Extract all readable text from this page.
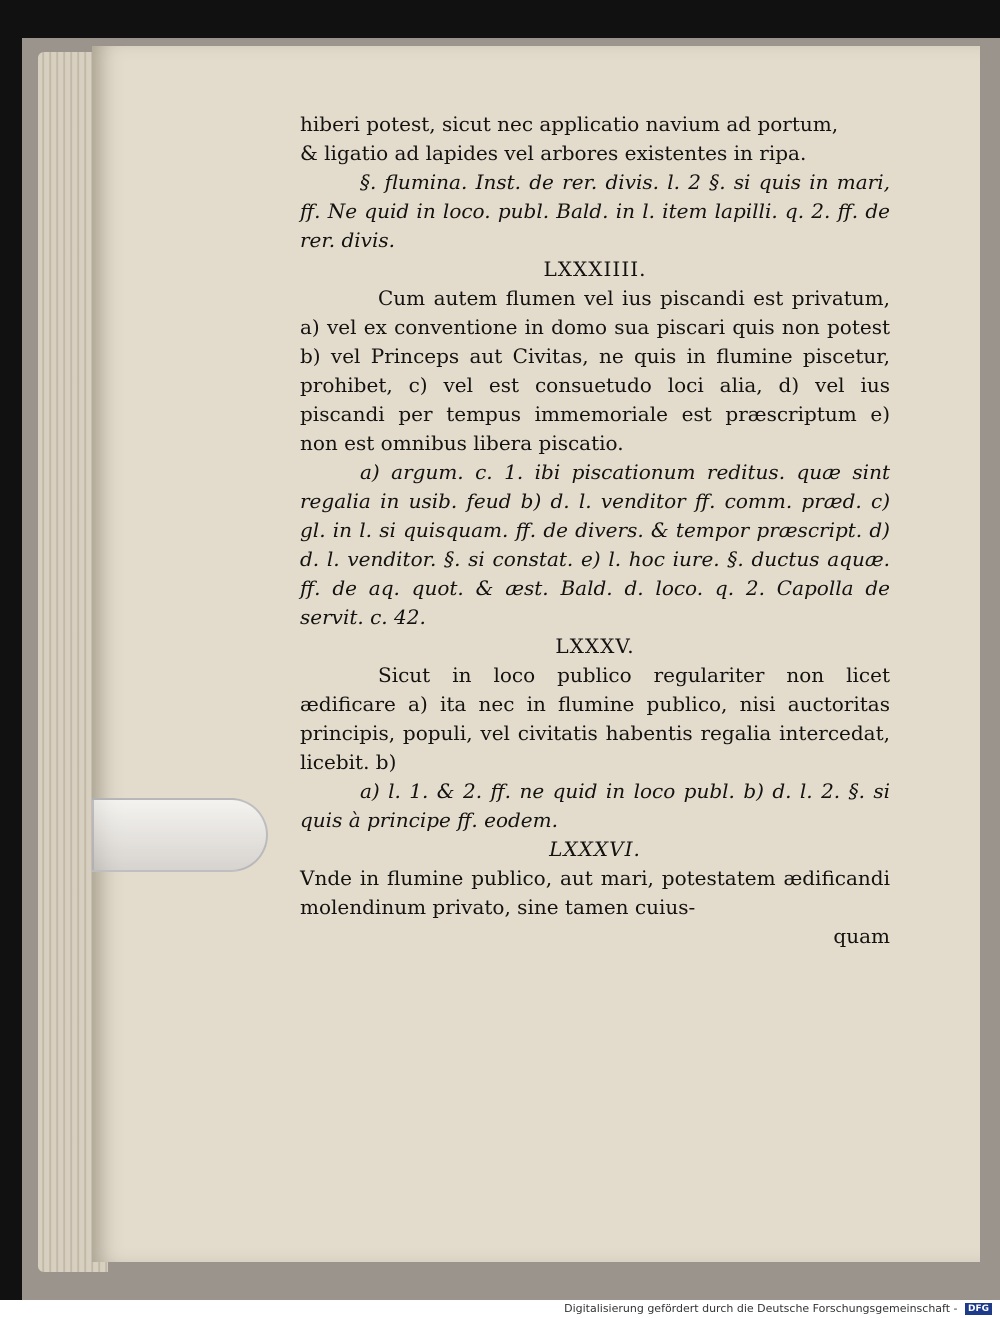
hiberi potest, sicut nec applicatio navium ad portum,

& ligatio ad lapides vel arbores existentes in ripa.

§. flumina. Inst. de rer. divis. l. 2 §. si quis in mari, ff. Ne quid in loco. publ. Bald. in l. item lapilli. q. 2. ff. de rer. divis.

LXXXIIII.

Cum autem flumen vel ius piscandi est privatum, a) vel ex conventione in domo sua piscari quis non potest b) vel Princeps aut Civitas, ne quis in flumine piscetur, prohibet, c) vel est consuetudo loci alia, d) vel ius piscandi per tempus immemoriale est præscriptum e) non est omnibus libera piscatio.

a) argum. c. 1. ibi piscationum reditus. quæ sint regalia in usib. feud b) d. l. venditor ff. comm. præd. c) gl. in l. si quisquam. ff. de divers. & tempor præscript. d) d. l. venditor. §. si constat. e) l. hoc iure. §. ductus aquæ. ff. de aq. quot. & æst. Bald. d. loco. q. 2. Capolla de servit. c. 42.

LXXXV.

Sicut in loco publico regulariter non licet ædificare a) ita nec in flumine publico, nisi auctoritas principis, populi, vel civitatis habentis regalia intercedat, licebit. b)

a) l. 1. & 2. ff. ne quid in loco publ. b) d. l. 2. §. si quis à principe ff. eodem.

LXXXVI.

Vnde in flumine publico, aut mari, potestatem ædificandi molendinum privato, sine tamen cuius-

quam

Digitalisierung gefördert durch die Deutsche Forschungsgemeinschaft - DFG
